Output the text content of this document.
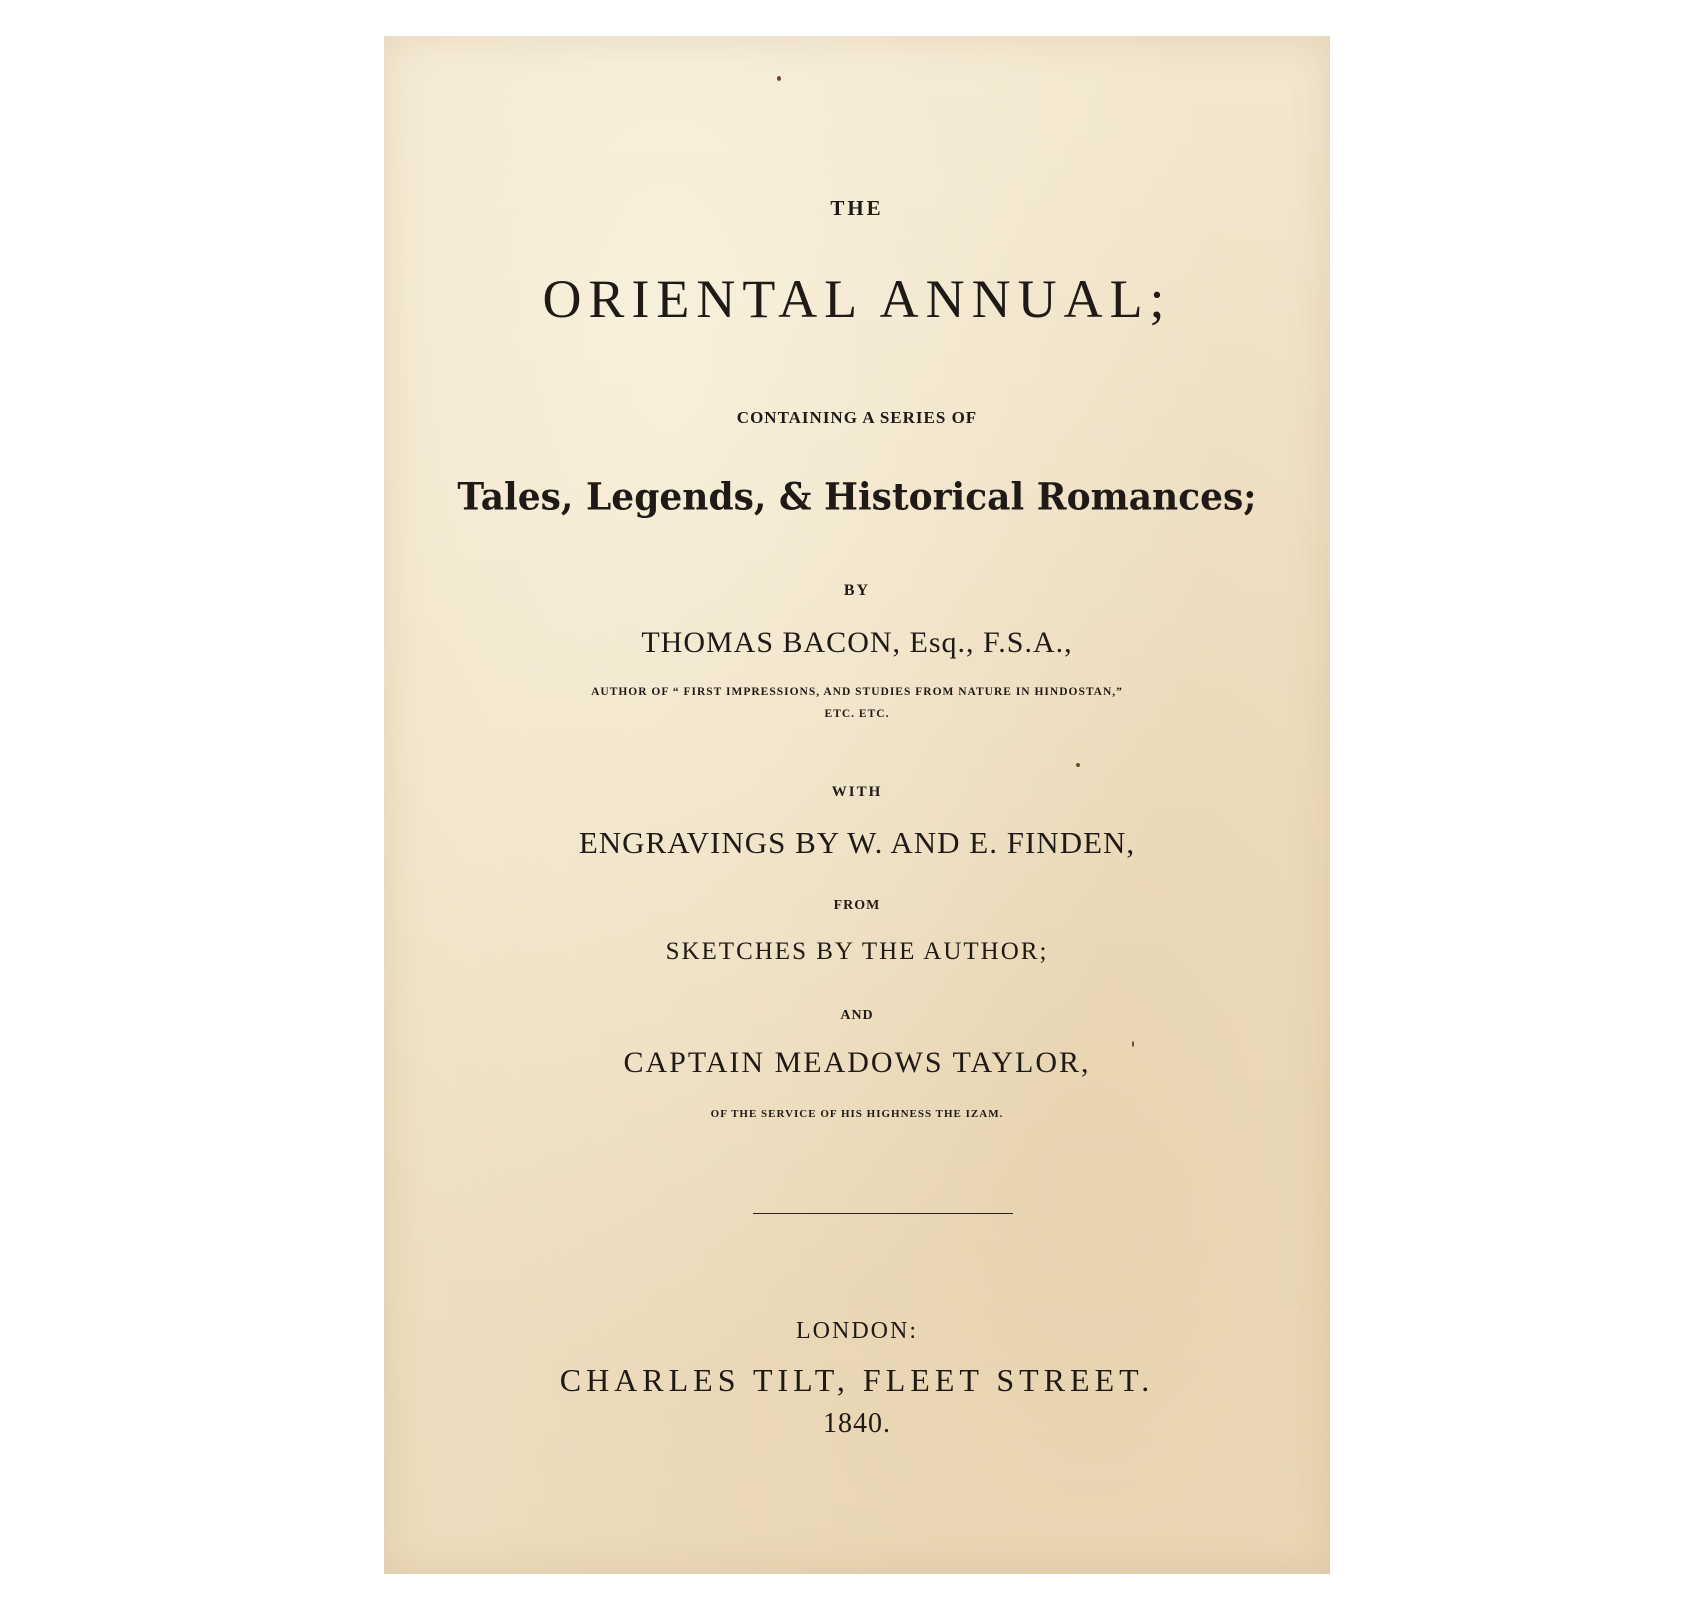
THE
ORIENTAL ANNUAL;
CONTAINING A SERIES OF
Tales, Legends, & Historical Romances;
BY
THOMAS BACON, Esq., F.S.A.,
AUTHOR OF “ FIRST IMPRESSIONS, AND STUDIES FROM NATURE IN HINDOSTAN,”
ETC. ETC.
WITH
ENGRAVINGS BY W. AND E. FINDEN,
FROM
SKETCHES BY THE AUTHOR;
AND
CAPTAIN MEADOWS TAYLOR,
OF THE SERVICE OF HIS HIGHNESS THE IZAM.
LONDON:
CHARLES TILT, FLEET STREET.
1840.
